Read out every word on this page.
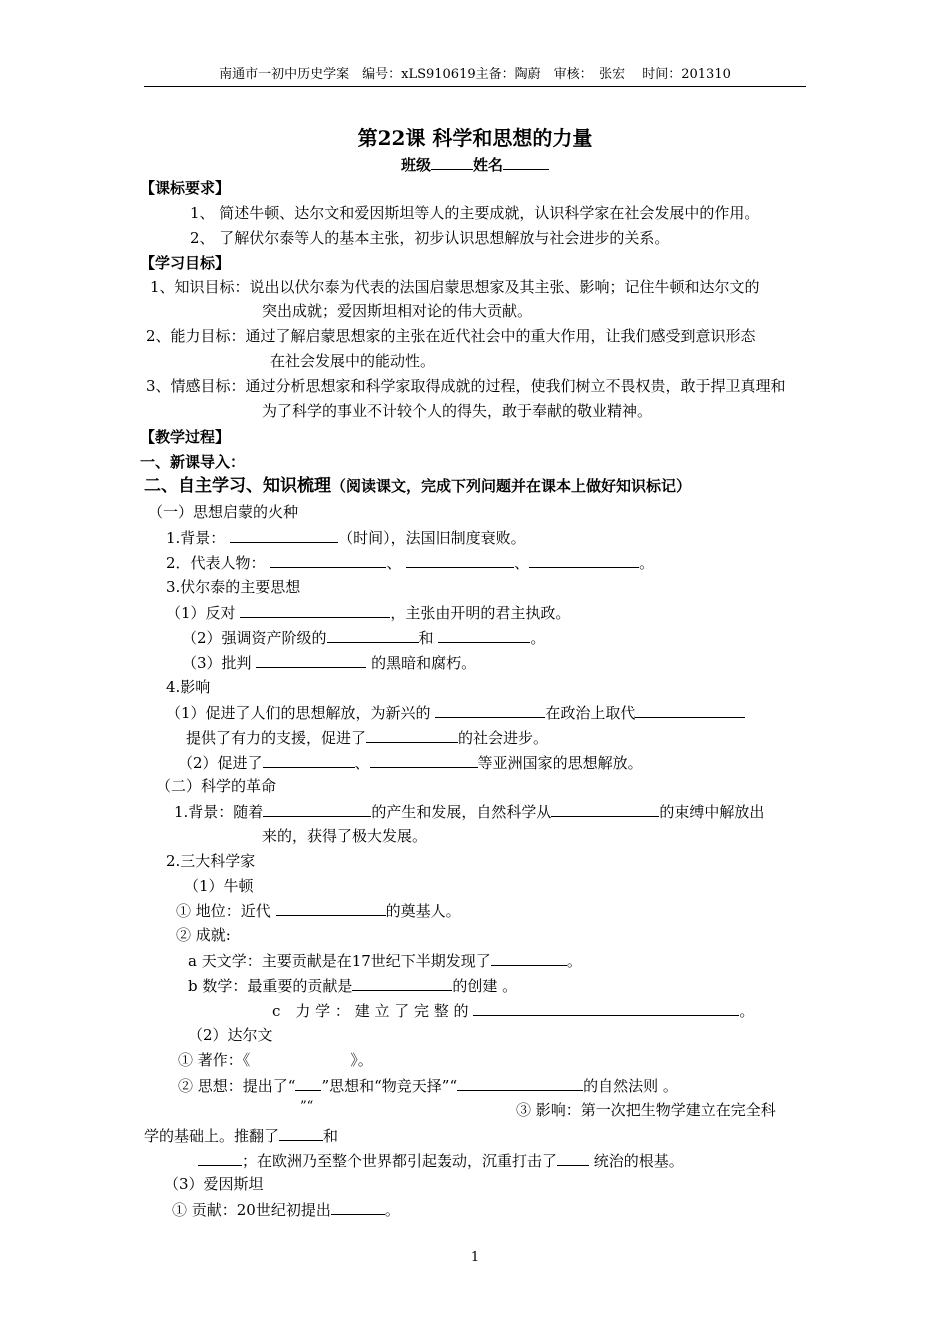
南通市一初中历史学案　编号：xLS910619主备：陶蔚　审核：　张宏　 时间：201310
第22课 科学和思想的力量
班级	姓名
【课标要求】
1、 简述牛顿、达尔文和爱因斯坦等人的主要成就，认识科学家在社会发展中的作用。
2、 了解伏尔泰等人的基本主张，初步认识思想解放与社会进步的关系。
【学习目标】
1、知识目标：说出以伏尔泰为代表的法国启蒙思想家及其主张、影响；记住牛顿和达尔文的
突出成就；爱因斯坦相对论的伟大贡献。
2、能力目标：通过了解启蒙思想家的主张在近代社会中的重大作用，让我们感受到意识形态
在社会发展中的能动性。
3、情感目标：通过分析思想家和科学家取得成就的过程，使我们树立不畏权贵，敢于捍卫真理和
为了科学的事业不计较个人的得失，敢于奉献的敬业精神。
【教学过程】
一、新课导入：
二、自主学习、知识梳理（阅读课文，完成下列问题并在课本上做好知识标记）
（一）思想启蒙的火种
1.背景：	（时间），法国旧制度衰败。
2．代表人物：	、	、	。
3.伏尔泰的主要思想
（1）反对	，主张由开明的君主执政。
（2）强调资产阶级的	和	。
（3）批判	的黑暗和腐朽。
4.影响
（1）促进了人们的思想解放，为新兴的	在政治上取代
提供了有力的支援，促进了	的社会进步。
（2）促进了	、	等亚洲国家的思想解放。
（二）科学的革命
1.背景：随着	的产生和发展，自然科学从	的束缚中解放出
来的，获得了极大发展。
2.三大科学家
（1）牛顿
① 地位：近代	的奠基人。
② 成就:
a 天文学：主要贡献是在17世纪下半期发现了	。
b 数学：最重要的贡献是	的创建 。
c　力 学 ： 建 立 了 完 整 的	。
（2）达尔文
① 著作：《	》。
② 思想：提出了“ ”思想和“物竞天择”“	的自然法则 。
”“	③ 影响：第一次把生物学建立在完全科
学的基础上。推翻了	和
；在欧洲乃至整个世界都引起轰动，沉重打击了 统治的根基。
（3）爱因斯坦
① 贡献：20世纪初提出	。
1
